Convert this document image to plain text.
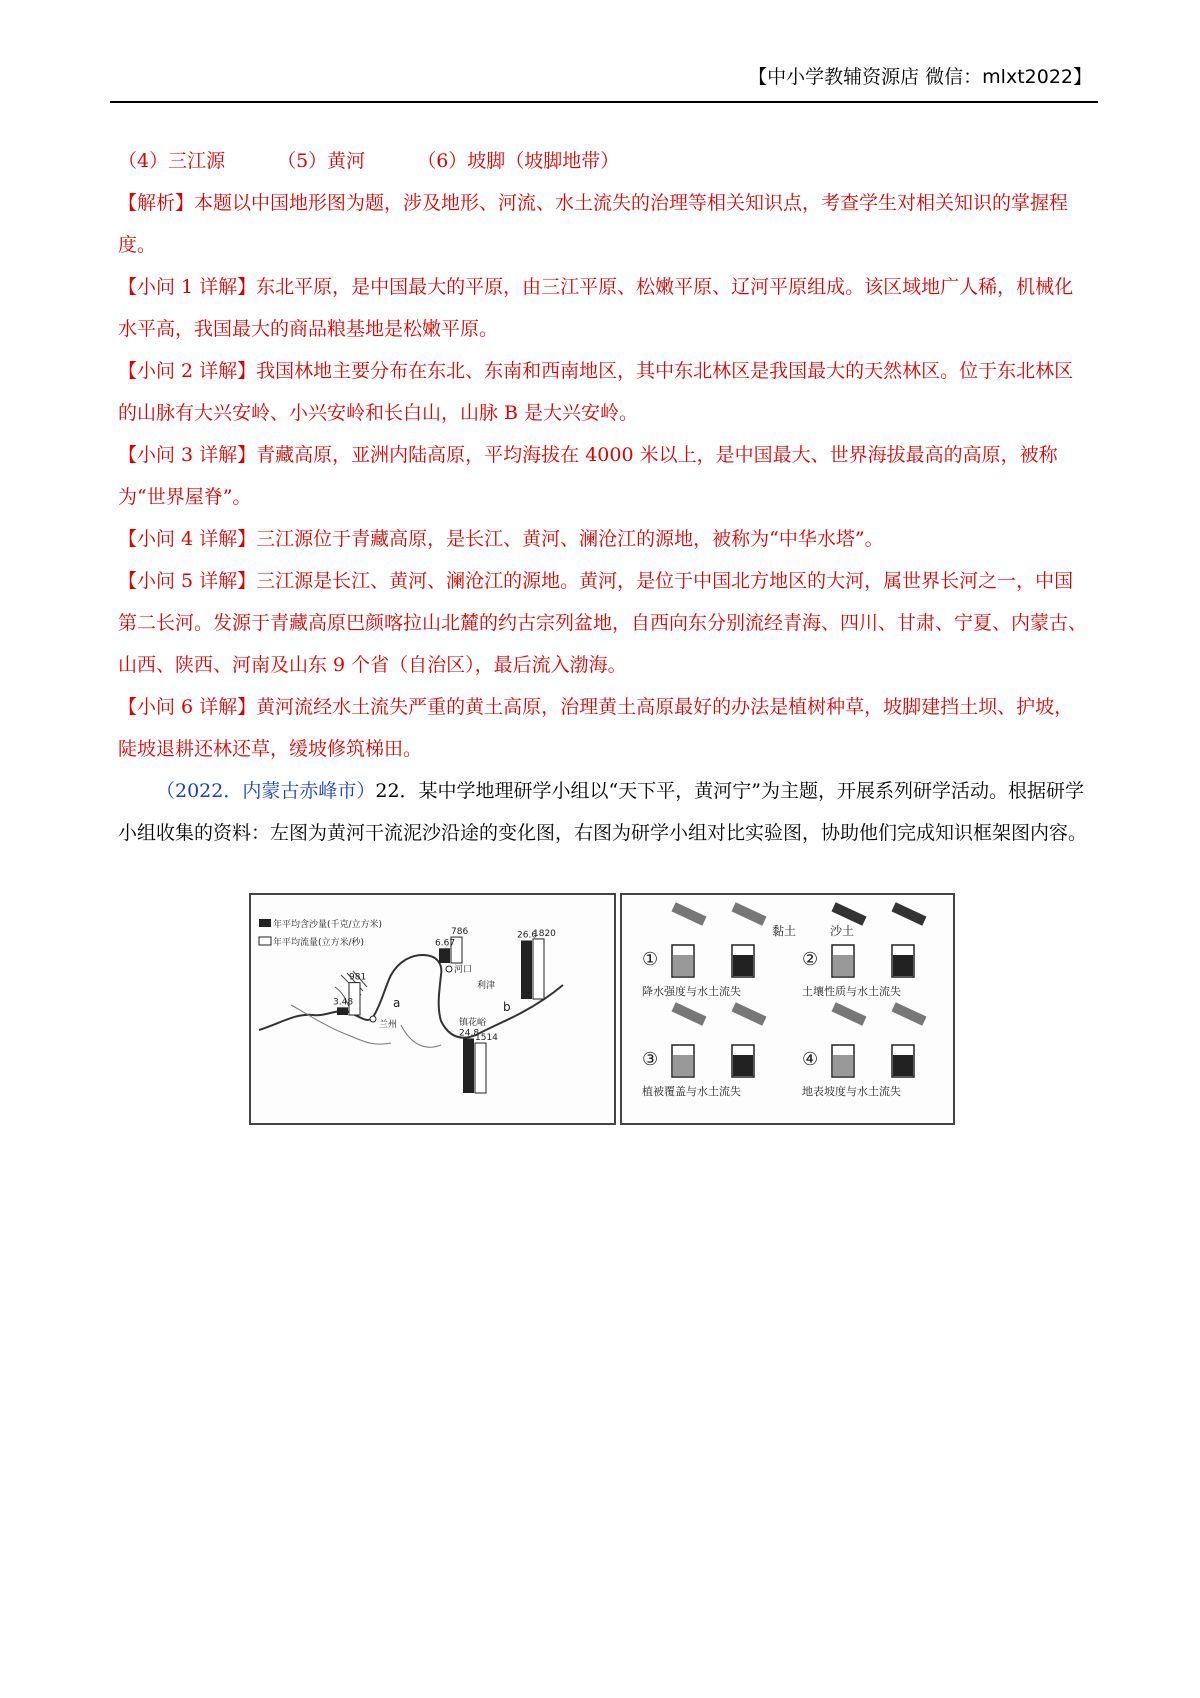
【中小学教辅资源店 微信：mlxt2022】

（4）三江源	（5）黄河	（6）坡脚（坡脚地带）

【解析】本题以中国地形图为题，涉及地形、河流、水土流失的治理等相关知识点，考查学生对相关知识的掌握程度。

【小问 1 详解】东北平原，是中国最大的平原，由三江平原、松嫩平原、辽河平原组成。该区域地广人稀，机械化水平高，我国最大的商品粮基地是松嫩平原。

【小问 2 详解】我国林地主要分布在东北、东南和西南地区，其中东北林区是我国最大的天然林区。位于东北林区的山脉有大兴安岭、小兴安岭和长白山，山脉 B 是大兴安岭。

【小问 3 详解】青藏高原，亚洲内陆高原，平均海拔在 4000 米以上，是中国最大、世界海拔最高的高原，被称为“世界屋脊”。

【小问 4 详解】三江源位于青藏高原，是长江、黄河、澜沧江的源地，被称为“中华水塔”。

【小问 5 详解】三江源是长江、黄河、澜沧江的源地。黄河，是位于中国北方地区的大河，属世界长河之一，中国第二长河。发源于青藏高原巴颜喀拉山北麓的约古宗列盆地，自西向东分别流经青海、四川、甘肃、宁夏、内蒙古、山西、陕西、河南及山东 9 个省（自治区），最后流入渤海。

【小问 6 详解】黄河流经水土流失严重的黄土高原，治理黄土高原最好的办法是植树种草，坡脚建挡土坝、护坡，陡坡退耕还林还草，缓坡修筑梯田。

（2022．内蒙古赤峰市）22．某中学地理研学小组以“天下平，黄河宁”为主题，开展系列研学活动。根据研学小组收集的资料：左图为黄河干流泥沙沿途的变化图，右图为研学小组对比实验图，协助他们完成知识框架图内容。

年平均含沙量(千克/立方米)
年平均流量(立方米/秒)
兰州
河口
利津
镇花峪
a	b
3.48
981
6.67
786	26.6
1820
24.8
1514
黏土	沙土
①
降水强度与水土流失
②
土壤性质与水土流失
③
植被覆盖与水土流失
④
地表坡度与水土流失
